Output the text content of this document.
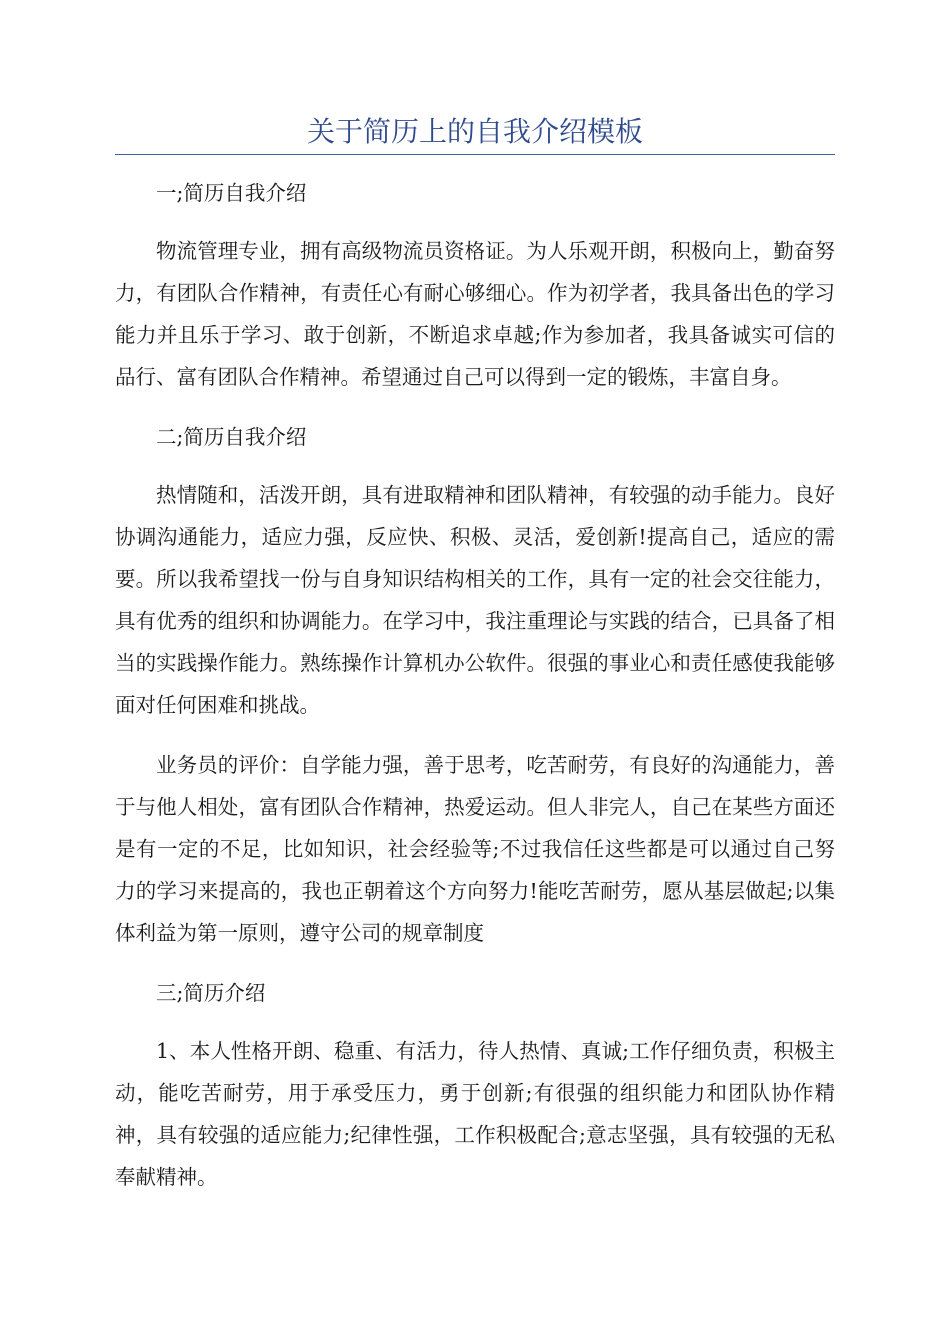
关于简历上的自我介绍模板

一;简历自我介绍

物流管理专业，拥有高级物流员资格证。为人乐观开朗，积极向上，勤奋努力，有团队合作精神，有责任心有耐心够细心。作为初学者，我具备出色的学习能力并且乐于学习、敢于创新，不断追求卓越;作为参加者，我具备诚实可信的品行、富有团队合作精神。希望通过自己可以得到一定的锻炼，丰富自身。

二;简历自我介绍

热情随和，活泼开朗，具有进取精神和团队精神，有较强的动手能力。良好协调沟通能力，适应力强，反应快、积极、灵活，爱创新!提高自己，适应的需要。所以我希望找一份与自身知识结构相关的工作，具有一定的社会交往能力，具有优秀的组织和协调能力。在学习中，我注重理论与实践的结合，已具备了相当的实践操作能力。熟练操作计算机办公软件。很强的事业心和责任感使我能够面对任何困难和挑战。

业务员的评价：自学能力强，善于思考，吃苦耐劳，有良好的沟通能力，善于与他人相处，富有团队合作精神，热爱运动。但人非完人，自己在某些方面还是有一定的不足，比如知识，社会经验等;不过我信任这些都是可以通过自己努力的学习来提高的，我也正朝着这个方向努力!能吃苦耐劳，愿从基层做起;以集体利益为第一原则，遵守公司的规章制度

三;简历介绍

1、本人性格开朗、稳重、有活力，待人热情、真诚;工作仔细负责，积极主动，能吃苦耐劳，用于承受压力，勇于创新;有很强的组织能力和团队协作精神，具有较强的适应能力;纪律性强，工作积极配合;意志坚强，具有较强的无私奉献精神。
